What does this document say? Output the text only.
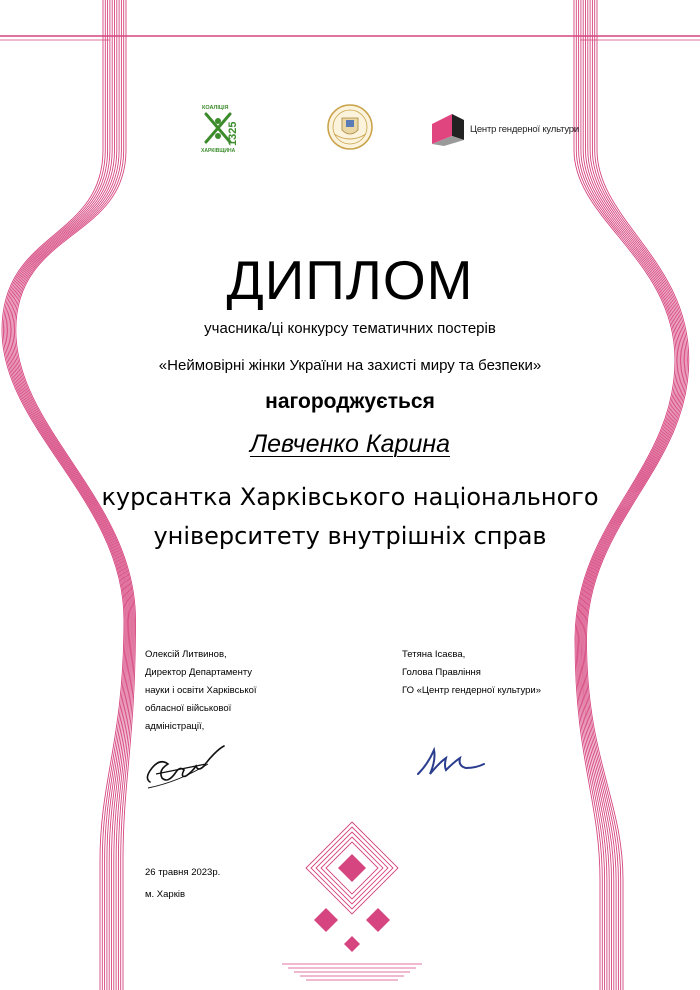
КОАЛІЦІЯ
1325
ХАРКІВЩИНА
Центр гендерної культури
ДИПЛОМ
учасника/ці конкурсу тематичних постерів
«Неймовірні жінки України на захисті миру та безпеки»
нагороджується
Левченко Карина
курсантка Харківського національного
університету внутрішніх справ
Олексій Литвинов,
Директор Департаменту
науки і освіти Харківської
обласної військової
адміністрації,
Тетяна Ісаєва,
Голова Правління
ГО «Центр гендерної культури»
26 травня 2023р.
м. Харків
